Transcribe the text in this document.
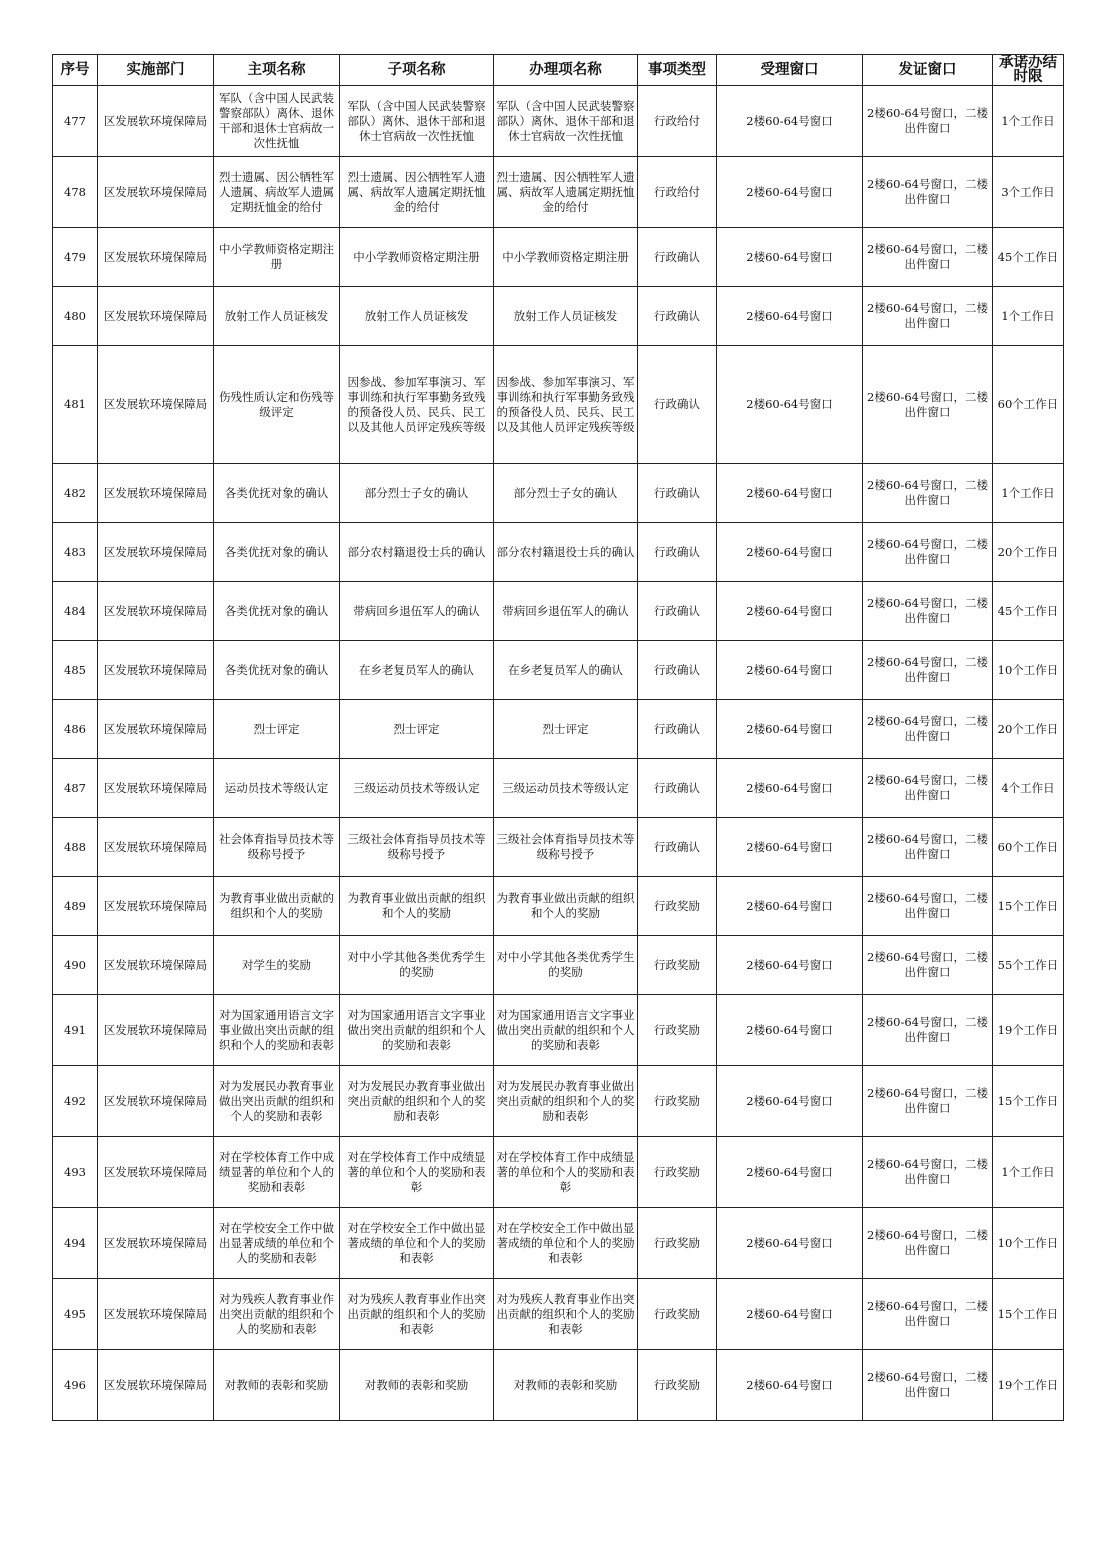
序号	实施部门	主项名称	子项名称	办理项名称	事项类型	受理窗口	发证窗口	承诺办结时限
477	区发展软环境保障局	军队（含中国人民武装警察部队）离休、退休干部和退休士官病故一次性抚恤	军队（含中国人民武装警察部队）离休、退休干部和退休士官病故一次性抚恤	军队（含中国人民武装警察部队）离休、退休干部和退休士官病故一次性抚恤	行政给付	2楼60-64号窗口	2楼60-64号窗口，二楼出件窗口	1个工作日
478	区发展软环境保障局	烈士遗属、因公牺牲军人遗属、病故军人遗属定期抚恤金的给付	烈士遗属、因公牺牲军人遗属、病故军人遗属定期抚恤金的给付	烈士遗属、因公牺牲军人遗属、病故军人遗属定期抚恤金的给付	行政给付	2楼60-64号窗口	2楼60-64号窗口，二楼出件窗口	3个工作日
479	区发展软环境保障局	中小学教师资格定期注册	中小学教师资格定期注册	中小学教师资格定期注册	行政确认	2楼60-64号窗口	2楼60-64号窗口，二楼出件窗口	45个工作日
480	区发展软环境保障局	放射工作人员证核发	放射工作人员证核发	放射工作人员证核发	行政确认	2楼60-64号窗口	2楼60-64号窗口，二楼出件窗口	1个工作日
481	区发展软环境保障局	伤残性质认定和伤残等级评定	因参战、参加军事演习、军事训练和执行军事勤务致残的预备役人员、民兵、民工以及其他人员评定残疾等级	因参战、参加军事演习、军事训练和执行军事勤务致残的预备役人员、民兵、民工以及其他人员评定残疾等级	行政确认	2楼60-64号窗口	2楼60-64号窗口，二楼出件窗口	60个工作日
482	区发展软环境保障局	各类优抚对象的确认	部分烈士子女的确认	部分烈士子女的确认	行政确认	2楼60-64号窗口	2楼60-64号窗口，二楼出件窗口	1个工作日
483	区发展软环境保障局	各类优抚对象的确认	部分农村籍退役士兵的确认	部分农村籍退役士兵的确认	行政确认	2楼60-64号窗口	2楼60-64号窗口，二楼出件窗口	20个工作日
484	区发展软环境保障局	各类优抚对象的确认	带病回乡退伍军人的确认	带病回乡退伍军人的确认	行政确认	2楼60-64号窗口	2楼60-64号窗口，二楼出件窗口	45个工作日
485	区发展软环境保障局	各类优抚对象的确认	在乡老复员军人的确认	在乡老复员军人的确认	行政确认	2楼60-64号窗口	2楼60-64号窗口，二楼出件窗口	10个工作日
486	区发展软环境保障局	烈士评定	烈士评定	烈士评定	行政确认	2楼60-64号窗口	2楼60-64号窗口，二楼出件窗口	20个工作日
487	区发展软环境保障局	运动员技术等级认定	三级运动员技术等级认定	三级运动员技术等级认定	行政确认	2楼60-64号窗口	2楼60-64号窗口，二楼出件窗口	4个工作日
488	区发展软环境保障局	社会体育指导员技术等级称号授予	三级社会体育指导员技术等级称号授予	三级社会体育指导员技术等级称号授予	行政确认	2楼60-64号窗口	2楼60-64号窗口，二楼出件窗口	60个工作日
489	区发展软环境保障局	为教育事业做出贡献的组织和个人的奖励	为教育事业做出贡献的组织和个人的奖励	为教育事业做出贡献的组织和个人的奖励	行政奖励	2楼60-64号窗口	2楼60-64号窗口，二楼出件窗口	15个工作日
490	区发展软环境保障局	对学生的奖励	对中小学其他各类优秀学生的奖励	对中小学其他各类优秀学生的奖励	行政奖励	2楼60-64号窗口	2楼60-64号窗口，二楼出件窗口	55个工作日
491	区发展软环境保障局	对为国家通用语言文字事业做出突出贡献的组织和个人的奖励和表彰	对为国家通用语言文字事业做出突出贡献的组织和个人的奖励和表彰	对为国家通用语言文字事业做出突出贡献的组织和个人的奖励和表彰	行政奖励	2楼60-64号窗口	2楼60-64号窗口，二楼出件窗口	19个工作日
492	区发展软环境保障局	对为发展民办教育事业做出突出贡献的组织和个人的奖励和表彰	对为发展民办教育事业做出突出贡献的组织和个人的奖励和表彰	对为发展民办教育事业做出突出贡献的组织和个人的奖励和表彰	行政奖励	2楼60-64号窗口	2楼60-64号窗口，二楼出件窗口	15个工作日
493	区发展软环境保障局	对在学校体育工作中成绩显著的单位和个人的奖励和表彰	对在学校体育工作中成绩显著的单位和个人的奖励和表彰	对在学校体育工作中成绩显著的单位和个人的奖励和表彰	行政奖励	2楼60-64号窗口	2楼60-64号窗口，二楼出件窗口	1个工作日
494	区发展软环境保障局	对在学校安全工作中做出显著成绩的单位和个人的奖励和表彰	对在学校安全工作中做出显著成绩的单位和个人的奖励和表彰	对在学校安全工作中做出显著成绩的单位和个人的奖励和表彰	行政奖励	2楼60-64号窗口	2楼60-64号窗口，二楼出件窗口	10个工作日
495	区发展软环境保障局	对为残疾人教育事业作出突出贡献的组织和个人的奖励和表彰	对为残疾人教育事业作出突出贡献的组织和个人的奖励和表彰	对为残疾人教育事业作出突出贡献的组织和个人的奖励和表彰	行政奖励	2楼60-64号窗口	2楼60-64号窗口，二楼出件窗口	15个工作日
496	区发展软环境保障局	对教师的表彰和奖励	对教师的表彰和奖励	对教师的表彰和奖励	行政奖励	2楼60-64号窗口	2楼60-64号窗口，二楼出件窗口	19个工作日
